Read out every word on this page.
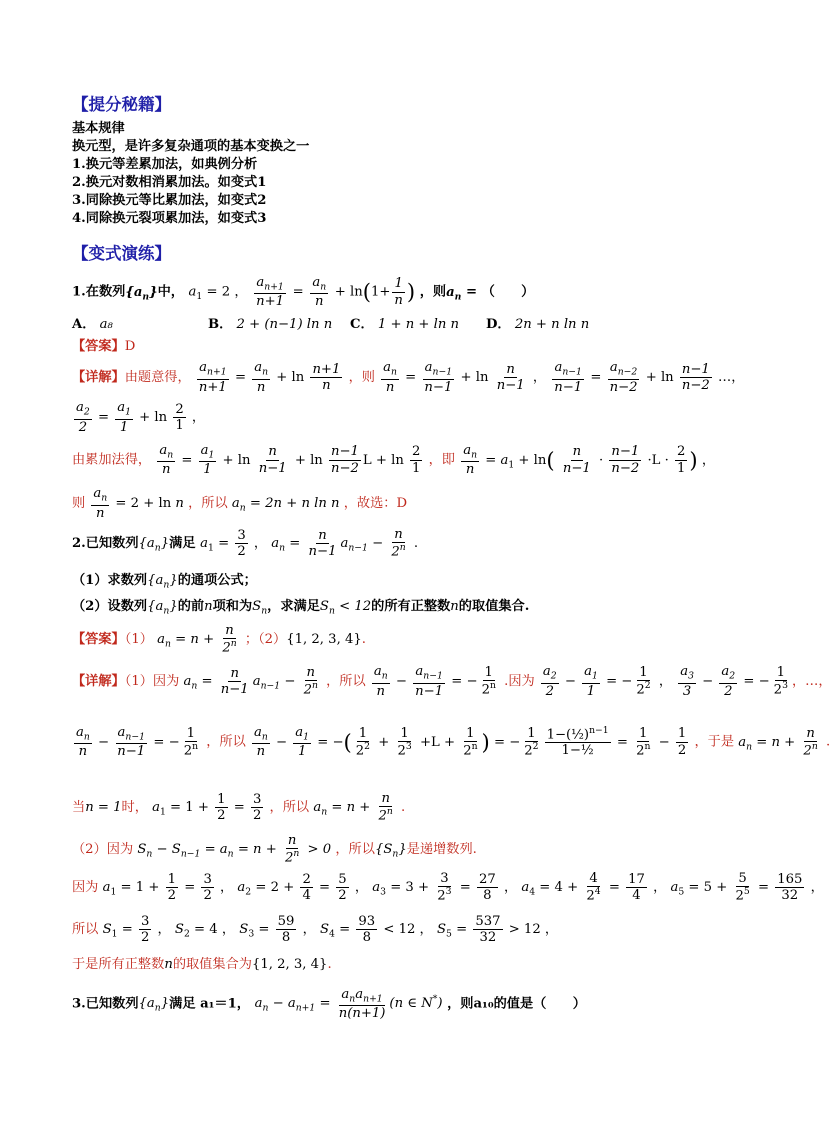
【提分秘籍】
基本规律
换元型，是许多复杂通项的基本变换之一
1.换元等差累加法，如典例分析
2.换元对数相消累加法。如变式1
3.同除换元等比累加法，如变式2
4.同除换元裂项累加法，如变式3
【变式演练】
1.在数列$\{a_n\}$中， $a_1 = 2$ ， $\frac{a_{n+1}}{n+1} = \frac{a_n}{n} + \ln(1+ \frac{1}{n}$ ) ，则$a_n$ = （　　）
A． a₈	B． 2 + (n−1) ln n C． 1 + n + ln n D． 2n + n ln n
【答案】D
【详解】由题意得， $\frac{a_{n+1}}{n+1} = \frac{a_n}{n} + \ln \frac{n+1}{n}$ ，则 $\frac{a_n}{n} = \frac{a_{n-1}}{n-1} + \ln \frac{n}{n-1}$ ， $\frac{a_{n-1}}{n-1} = \frac{a_{n-2}}{n-2} + \ln \frac{n-1}{n-2}$ …，
$\frac{a_2}{2} = \frac{a_1}{1} + \ln \frac{2}{1}$ ，
由累加法得， $\frac{a_n}{n} = \frac{a_1}{1} + \ln \frac{n}{n-1} + \ln \frac{n-1}{n-2}$ $L + \ln \frac{2}{1}$ ，即 $\frac{a_n}{n} = a_1 + \ln( \frac{n}{n-1} \cdot \frac{n-1}{n-2} \cdot L \cdot \frac{2}{1}$ ) ，
则 $\frac{a_n}{n} = 2 + \ln n$ ，所以 $a_n = 2n + n$ ln n ，故选：D
2.已知数列$\{a_n\}$满足 $a_1 = \frac{3}{2}$ ， $a_n = \frac{n}{n-1} a_{n-1} - \frac{n}{2^n}$ .
（1）求数列$\{a_n\}$的通项公式；
（2）设数列$\{a_n\}$的前n项和为$S_n$，求满足$S_n < 12$的所有正整数n的取值集合.
【答案】（1） $a_n = n + \frac{n}{2^n}$ ；（2）{1, 2, 3, 4}.
【详解】（1）因为 $a_n = \frac{n}{n-1} a_{n-1} - \frac{n}{2^n}$ ，所以 $\frac{a_n}{n} - \frac{a_{n-1}}{n-1}$ = − $\frac{1}{2^n}$ .因为 $\frac{a_2}{2} - \frac{a_1}{1}$ = − $\frac{1}{2^2}$ ， $\frac{a_3}{3} - \frac{a_2}{2}$ = − $\frac{1}{2^3}$ ，…，
$\frac{a_n}{n} - \frac{a_{n-1}}{n-1}$ = − $\frac{1}{2^n}$ ，所以 $\frac{a_n}{n} - \frac{a_1}{1}$ = −( $\frac{1}{2^2} + \frac{1}{2^3} +L + \frac{1}{2^n}$ ) = − $\frac{1}{2^2} \frac{1-(\frac{1}{2})^{n-1}}{\text{1−½}} = \frac{1}{2^n} - \frac{1}{2}$ ，于是 $a_n = n + \frac{n}{2^n}$ .
当n = 1时， $a_1 = 1 + \frac{1}{2} = \frac{3}{2}$ ，所以 $a_n = n + \frac{n}{2^n}$ .
（2）因为 $S_n - S_{n-1} = a_n = n + \frac{n}{2^n} > 0$ ，所以$\{S_n\}$是递增数列.
因为 $a_1 = 1 + \frac{1}{2} = \frac{3}{2}$ ， $a_2 = 2 + \frac{2}{4} = \frac{5}{2}$ ， $a_3 = 3 + \frac{3}{2^3} = \frac{27}{8}$ ， $a_4 = 4 + \frac{4}{2^4} = \frac{17}{4}$ ， $a_5 = 5 + \frac{5}{2^5} = \frac{165}{32}$ ，
所以 $S_1 = \frac{3}{2}$ ， $S_2 = 4$ ， $S_3 = \frac{59}{8}$ ， $S_4 = \frac{93}{8} < 12$ ， $S_5 = \frac{537}{32} > 12$ ，
于是所有正整数n的取值集合为{1, 2, 3, 4}.
3.已知数列$\{a_n\}$满足 a₁＝1， $a_n - a_{n+1} = \frac{a_na_{n+1}}{n(n+1)} (n$ ∈ N*) ，则a₁₀的值是（　　）
